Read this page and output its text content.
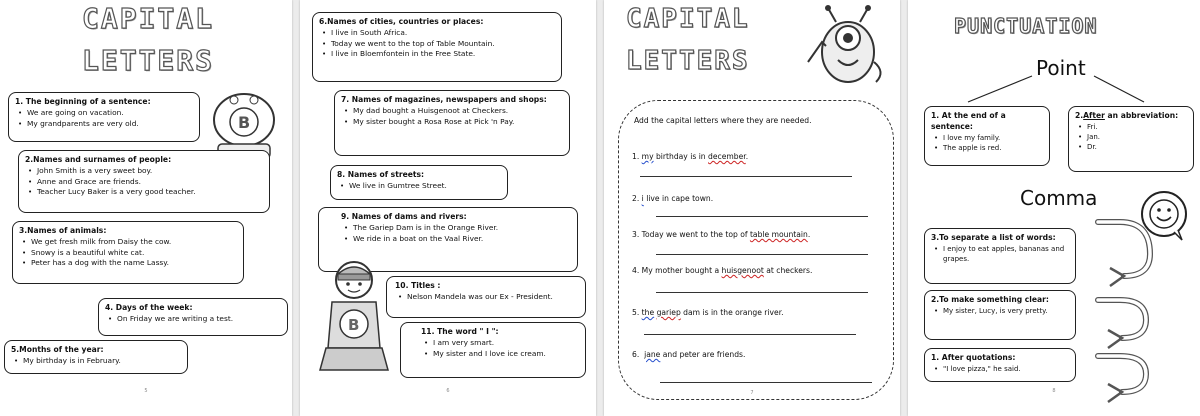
CAPITAL
LETTERS
B
1. The beginning of a sentence:
• We are going on vacation.
• My grandparents are very old.
2.Names and surnames of people:
• John Smith is a very sweet boy.
• Anne and Grace are friends.
• Teacher Lucy Baker is a very good teacher.
3.Names of animals:
• We get fresh milk from Daisy the cow.
• Snowy is a beautiful white cat.
• Peter has a dog with the name Lassy.
4. Days of the week:
• On Friday we are writing a test.
5.Months of the year:
• My birthday is in February.
5
6.Names of cities, countries or places:
• I live in South Africa.
• Today we went to the top of Table Mountain.
• I live in Bloemfontein in the Free State.
7. Names of magazines, newspapers and shops:
• My dad bought a Huisgenoot at Checkers.
• My sister bought a Rosa Rose at Pick 'n Pay.
8. Names of streets:
• We live in Gumtree Street.
9. Names of dams and rivers:
• The Gariep Dam is in the Orange River.
• We ride in a boat on the Vaal River.
10. Titles :
• Nelson Mandela was our Ex - President.
11. The word " I ":
• I am very smart.
• My sister and I love ice cream.
B
6
CAPITAL
LETTERS
Add the capital letters where they are needed.
1. my birthday is in december.
2. i live in cape town.
3. Today we went to the top of table mountain.
4. My mother bought a huisgenoot at checkers.
5. the gariep dam is in the orange river.
6. jane and peter are friends.
7
PUNCTUATION
Point
1. At the end of a sentence:
• I love my family.
• The apple is red.
2.After an abbreviation:
• Fri.
• Jan.
• Dr.
Comma
3.To separate a list of words:
• I enjoy to eat apples, bananas and grapes.
2.To make something clear:
• My sister, Lucy, is very pretty.
1. After quotations:
• "I love pizza," he said.
8
